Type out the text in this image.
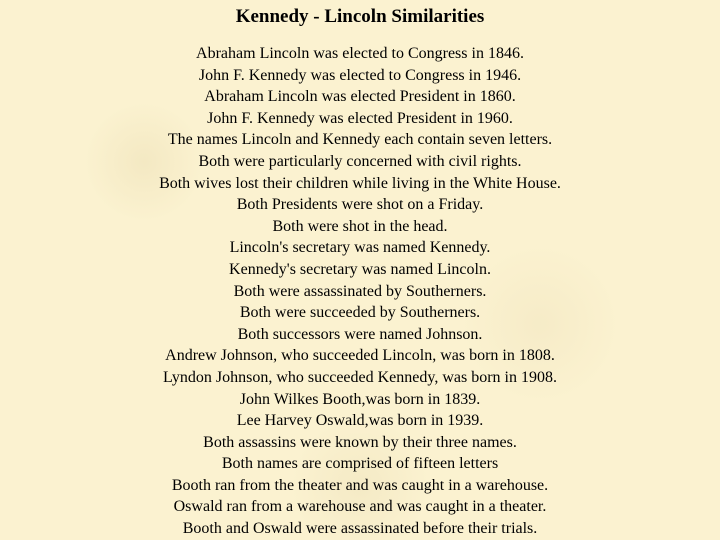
Kennedy - Lincoln Similarities
Abraham Lincoln was elected to Congress in 1846.
John F. Kennedy was elected to Congress in 1946.
Abraham Lincoln was elected President in 1860.
John F. Kennedy was elected President in 1960.
The names Lincoln and Kennedy each contain seven letters.
Both were particularly concerned with civil rights.
Both wives lost their children while living in the White House.
Both Presidents were shot on a Friday.
Both were shot in the head.
Lincoln's secretary was named Kennedy.
Kennedy's secretary was named Lincoln.
Both were assassinated by Southerners.
Both were succeeded by Southerners.
Both successors were named Johnson.
Andrew Johnson, who succeeded Lincoln, was born in 1808.
Lyndon Johnson, who succeeded Kennedy, was born in 1908.
John Wilkes Booth,was born in 1839.
Lee Harvey Oswald,was born in 1939.
Both assassins were known by their three names.
Both names are comprised of fifteen letters
Booth ran from the theater and was caught in a warehouse.
Oswald ran from a warehouse and was caught in a theater.
Booth and Oswald were assassinated before their trials.
